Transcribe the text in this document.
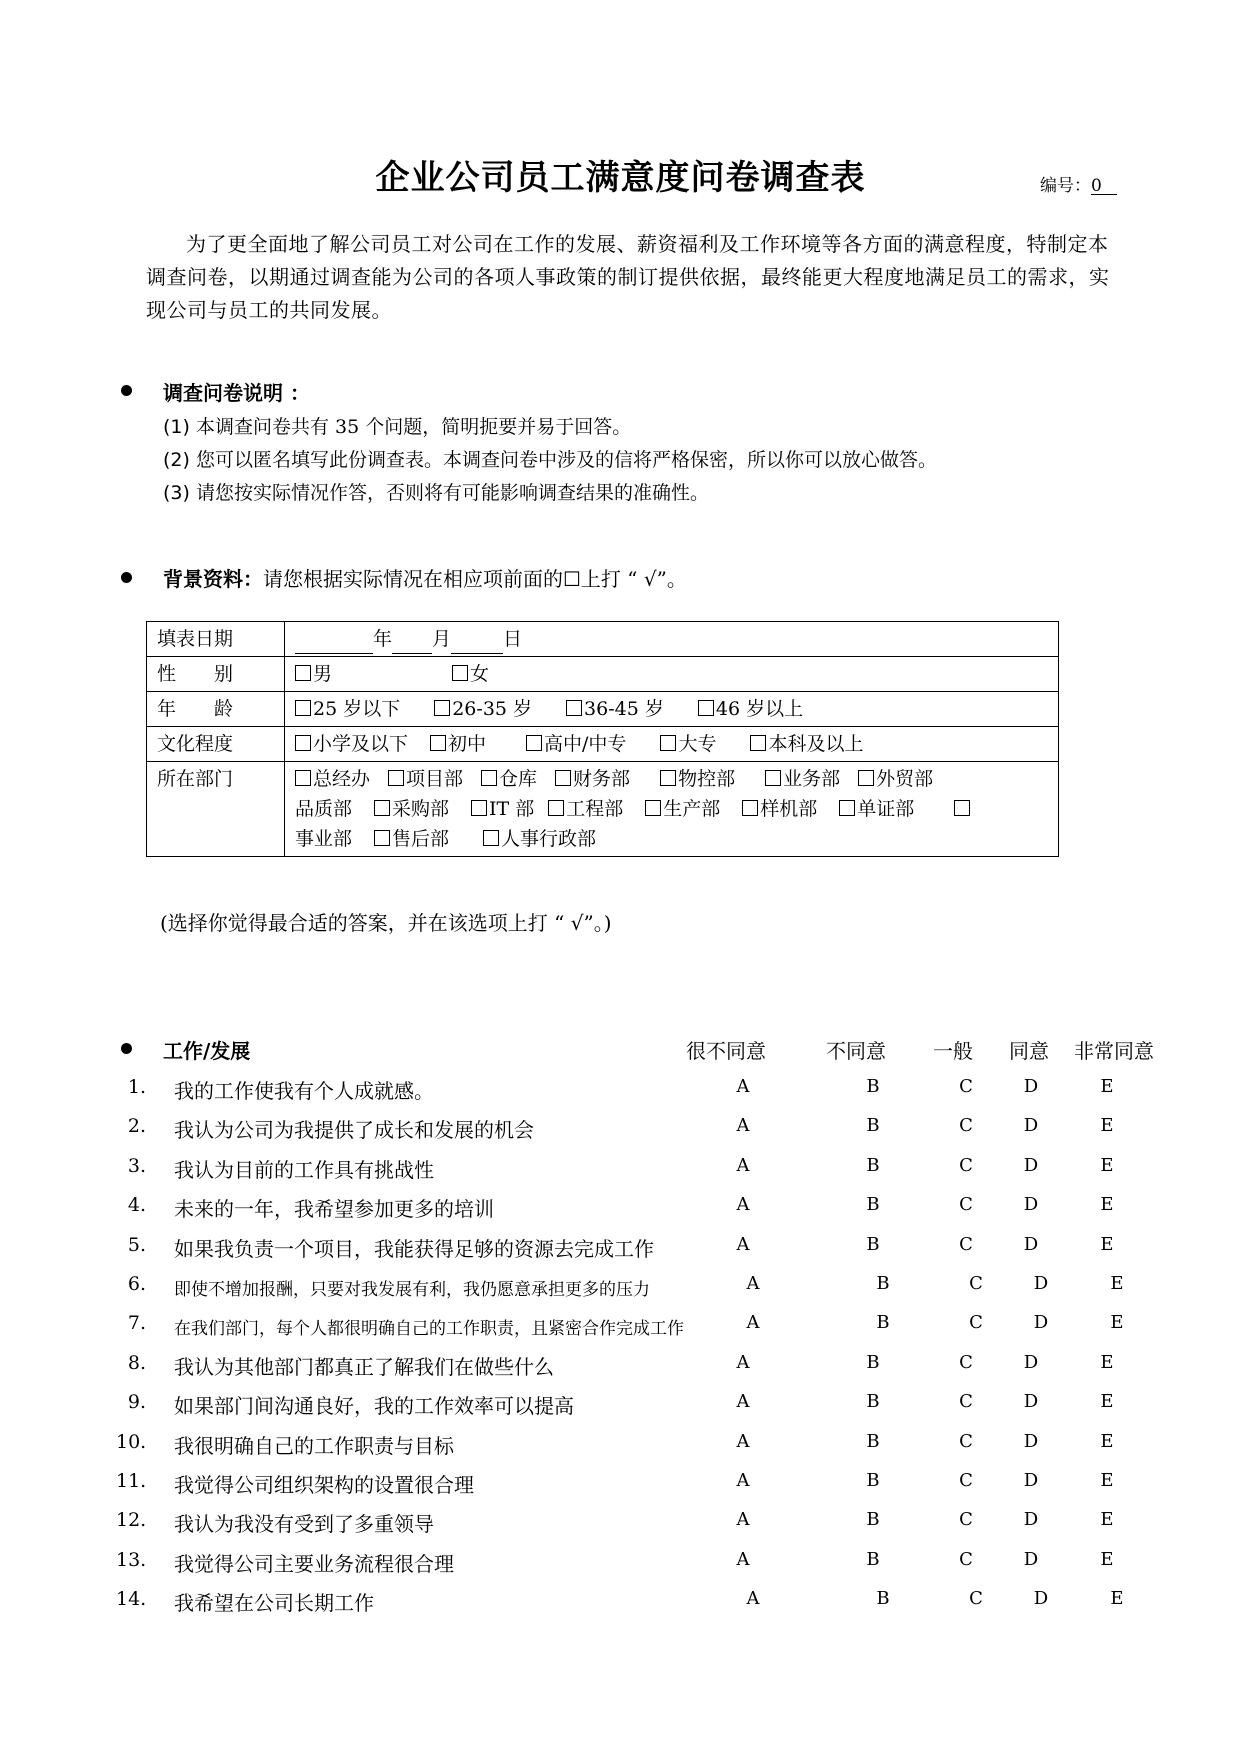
企业公司员工满意度问卷调查表	编号：0
为了更全面地了解公司员工对公司在工作的发展、薪资福利及工作环境等各方面的满意程度，特制定本调查问卷，以期通过调查能为公司的各项人事政策的制订提供依据，最终能更大程度地满足员工的需求，实现公司与员工的共同发展。
调查问卷说明 ：
(1) 本调查问卷共有 35 个问题，简明扼要并易于回答。
(2) 您可以匿名填写此份调查表。本调查问卷中涉及的信将严格保密，所以你可以放心做答。
(3) 请您按实际情况作答，否则将有可能影响调查结果的准确性。
背景资料：请您根据实际情况在相应项前面的☐上打 “ √”。
填表日期	年 月 日
性　　别	男 女
年　　龄	25 岁以下 26-35 岁 36-45 岁 46 岁以上
文化程度	小学及以下 初中 高中/中专 大专 本科及以上
所在部门	总经办 项目部 仓库 财务部 物控部 业务部 外贸部
品质部 采购部 IT 部 工程部 生产部 样机部 单证部
事业部 售后部 人事行政部
(选择你觉得最合适的答案，并在该选项上打 “ √”。)
工作/发展	很不同意	不同意	一般	同意	非常同意
1. 我的工作使我有个人成就感。	A	B	C	D	E
2. 我认为公司为我提供了成长和发展的机会	A	B	C	D	E
3. 我认为目前的工作具有挑战性	A	B	C	D	E
4. 未来的一年，我希望参加更多的培训	A	B	C	D	E
5. 如果我负责一个项目，我能获得足够的资源去完成工作	A	B	C	D	E
6. 即使不增加报酬，只要对我发展有利，我仍愿意承担更多的压力	A	B	C	D	E
7. 在我们部门，每个人都很明确自己的工作职责，且紧密合作完成工作	A	B	C	D	E
8. 我认为其他部门都真正了解我们在做些什么	A	B	C	D	E
9. 如果部门间沟通良好，我的工作效率可以提高	A	B	C	D	E
10. 我很明确自己的工作职责与目标	A	B	C	D	E
11. 我觉得公司组织架构的设置很合理	A	B	C	D	E
12. 我认为我没有受到了多重领导	A	B	C	D	E
13. 我觉得公司主要业务流程很合理	A	B	C	D	E
14. 我希望在公司长期工作	A	B	C	D	E
